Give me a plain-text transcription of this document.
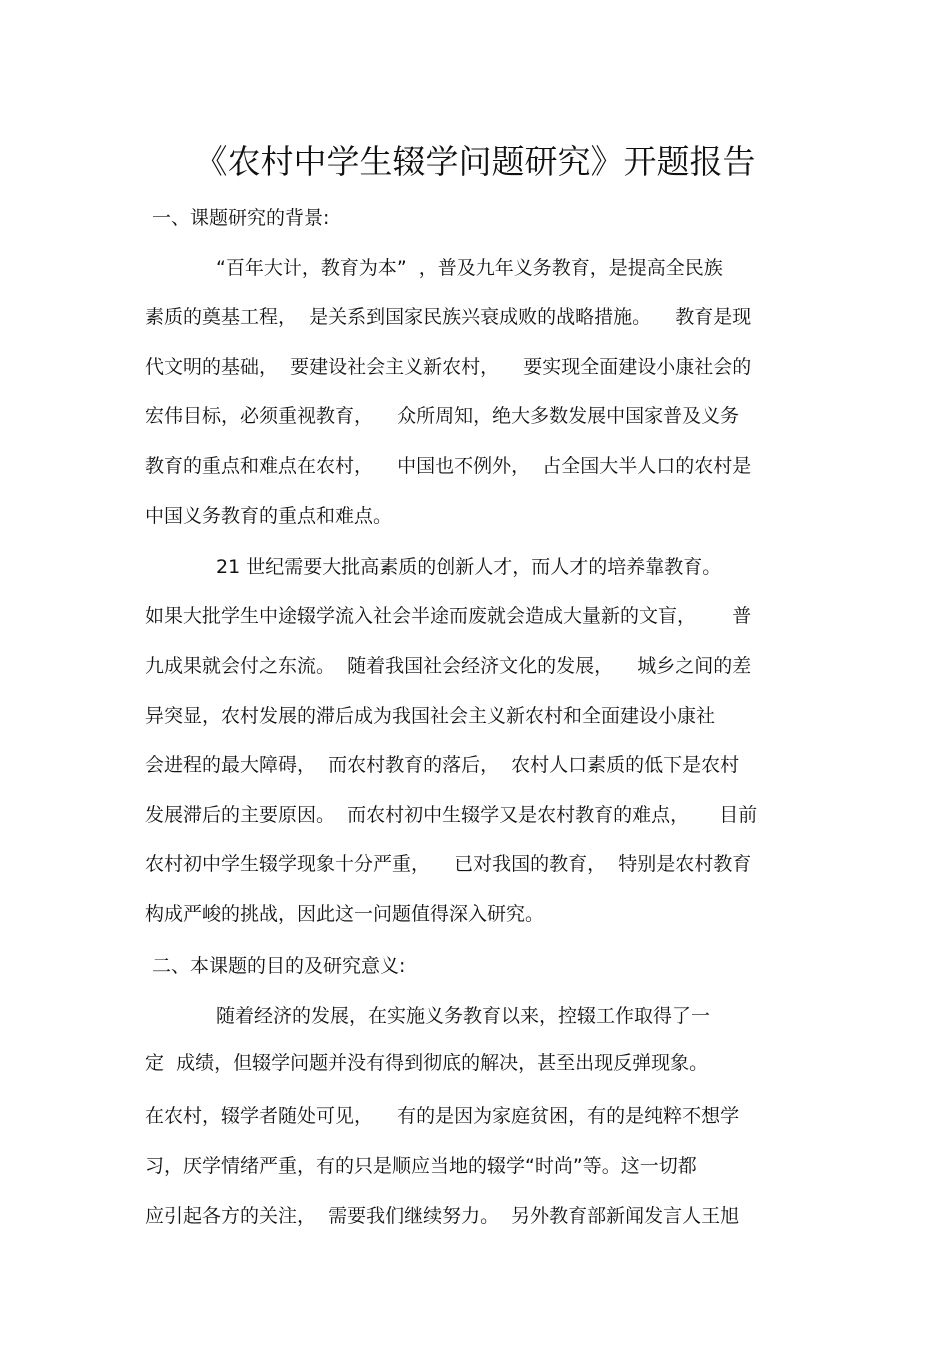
《农村中学生辍学问题研究》开题报告
一、课题研究的背景:
“百年大计，教育为本”  ，普及九年义务教育，是提高全民族
素质的奠基工程，  是关系到国家民族兴衰成败的战略措施。    教育是现
代文明的基础，  要建设社会主义新农村，    要实现全面建设小康社会的
宏伟目标，必须重视教育，    众所周知，绝大多数发展中国家普及义务
教育的重点和难点在农村，    中国也不例外，  占全国大半人口的农村是
中国义务教育的重点和难点。
21 世纪需要大批高素质的创新人才，而人才的培养靠教育。
如果大批学生中途辍学流入社会半途而废就会造成大量新的文盲，      普
九成果就会付之东流。  随着我国社会经济文化的发展，    城乡之间的差
异突显，农村发展的滞后成为我国社会主义新农村和全面建设小康社
会进程的最大障碍，  而农村教育的落后，  农村人口素质的低下是农村
发展滞后的主要原因。  而农村初中生辍学又是农村教育的难点，     目前
农村初中学生辍学现象十分严重，    已对我国的教育，  特别是农村教育
构成严峻的挑战，因此这一问题值得深入研究。
二、本课题的目的及研究意义:
随着经济的发展，在实施义务教育以来，控辍工作取得了一
定  成绩，但辍学问题并没有得到彻底的解决，甚至出现反弹现象。
在农村，辍学者随处可见，    有的是因为家庭贫困，有的是纯粹不想学
习，厌学情绪严重，有的只是顺应当地的辍学“时尚”等。这一切都
应引起各方的关注，  需要我们继续努力。  另外教育部新闻发言人王旭
